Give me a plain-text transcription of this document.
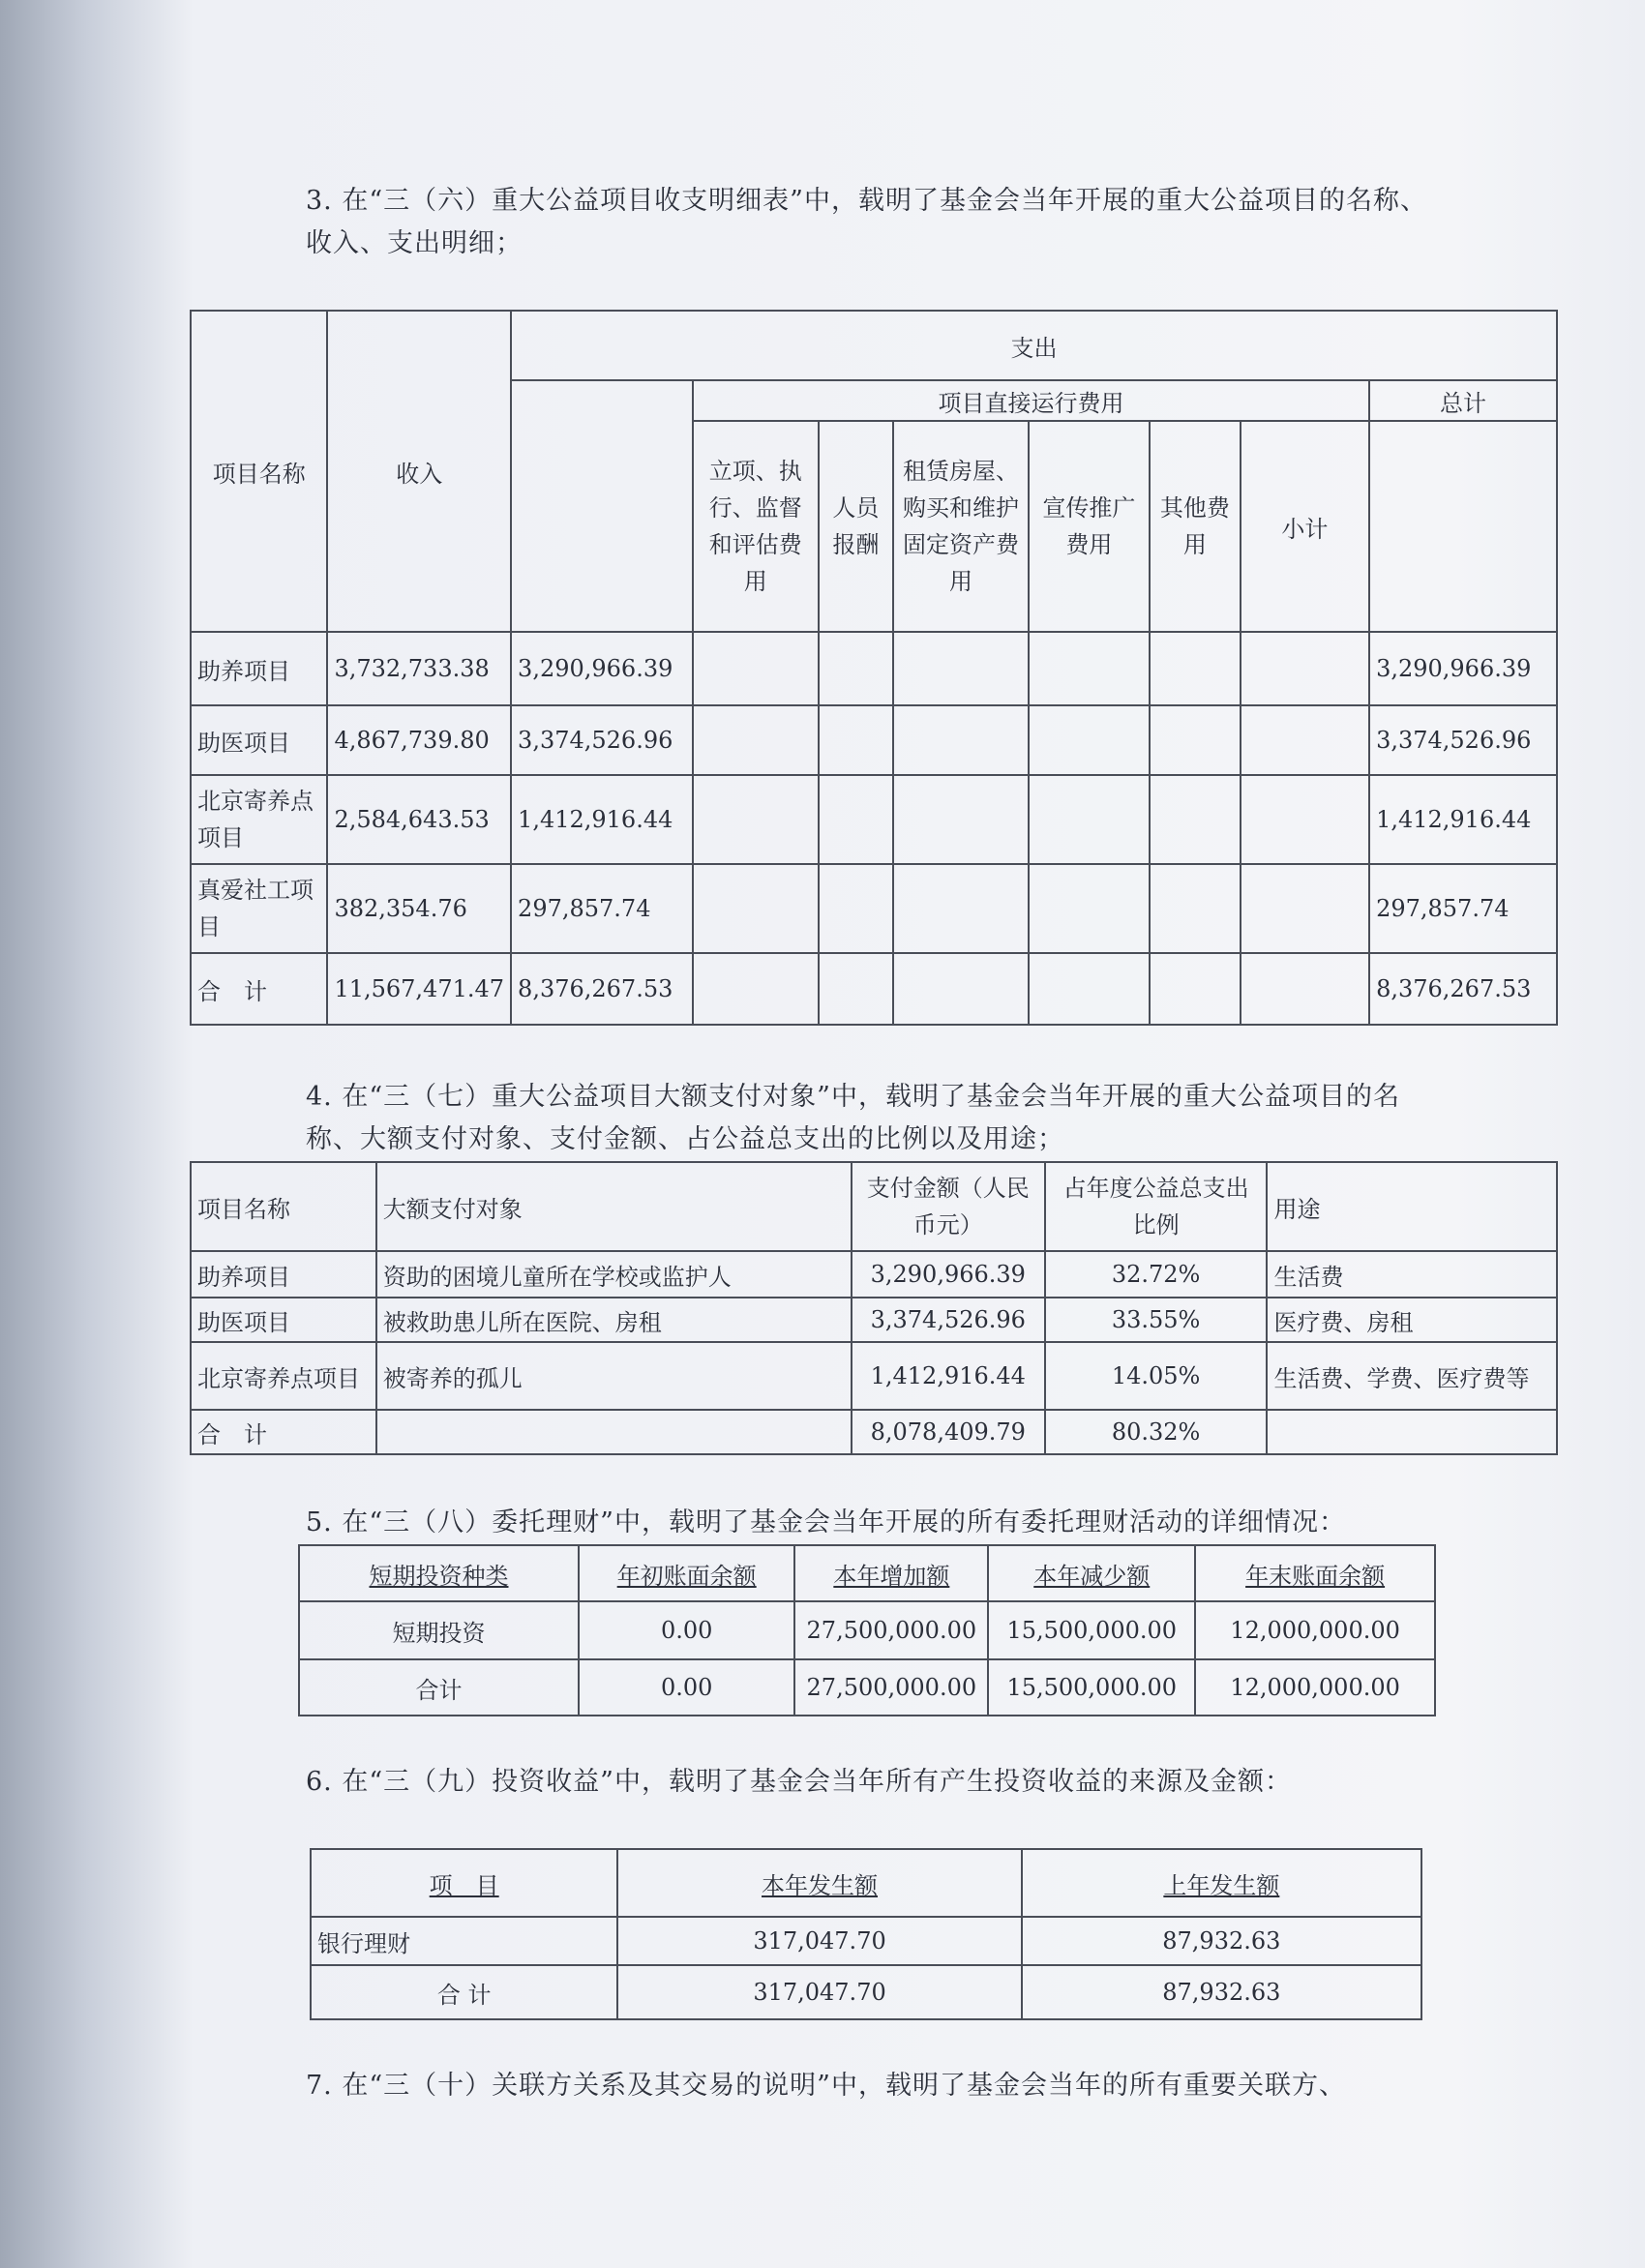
3. 在“三（六）重大公益项目收支明细表”中，载明了基金会当年开展的重大公益项目的名称、收入、支出明细；
项目名称	收入	支出							
			项目直接运行费用						总计
			立项、执行、监督和评估费用	人员报酬	租赁房屋、购买和维护固定资产费用	宣传推广费用	其他费用	小计	
助养项目	3,732,733.38	3,290,966.39							3,290,966.39
助医项目	4,867,739.80	3,374,526.96							3,374,526.96
北京寄养点项目	2,584,643.53	1,412,916.44							1,412,916.44
真爱社工项目	382,354.76	297,857.74							297,857.74
合　计	11,567,471.47	8,376,267.53							8,376,267.53
4. 在“三（七）重大公益项目大额支付对象”中，载明了基金会当年开展的重大公益项目的名称、大额支付对象、支付金额、占公益总支出的比例以及用途；
项目名称	大额支付对象	支付金额（人民币元）	占年度公益总支出比例	用途
助养项目	资助的困境儿童所在学校或监护人	3,290,966.39	32.72%	生活费
助医项目	被救助患儿所在医院、房租	3,374,526.96	33.55%	医疗费、房租
北京寄养点项目	被寄养的孤儿	1,412,916.44	14.05%	生活费、学费、医疗费等
合　计		8,078,409.79	80.32%	
5. 在“三（八）委托理财”中，载明了基金会当年开展的所有委托理财活动的详细情况：
短期投资种类	年初账面余额	本年增加额	本年减少额	年末账面余额
短期投资	0.00	27,500,000.00	15,500,000.00	12,000,000.00
合计	0.00	27,500,000.00	15,500,000.00	12,000,000.00
6. 在“三（九）投资收益”中，载明了基金会当年所有产生投资收益的来源及金额：
项　目	本年发生额	上年发生额
银行理财	317,047.70	87,932.63
合 计	317,047.70	87,932.63
7. 在“三（十）关联方关系及其交易的说明”中，载明了基金会当年的所有重要关联方、
